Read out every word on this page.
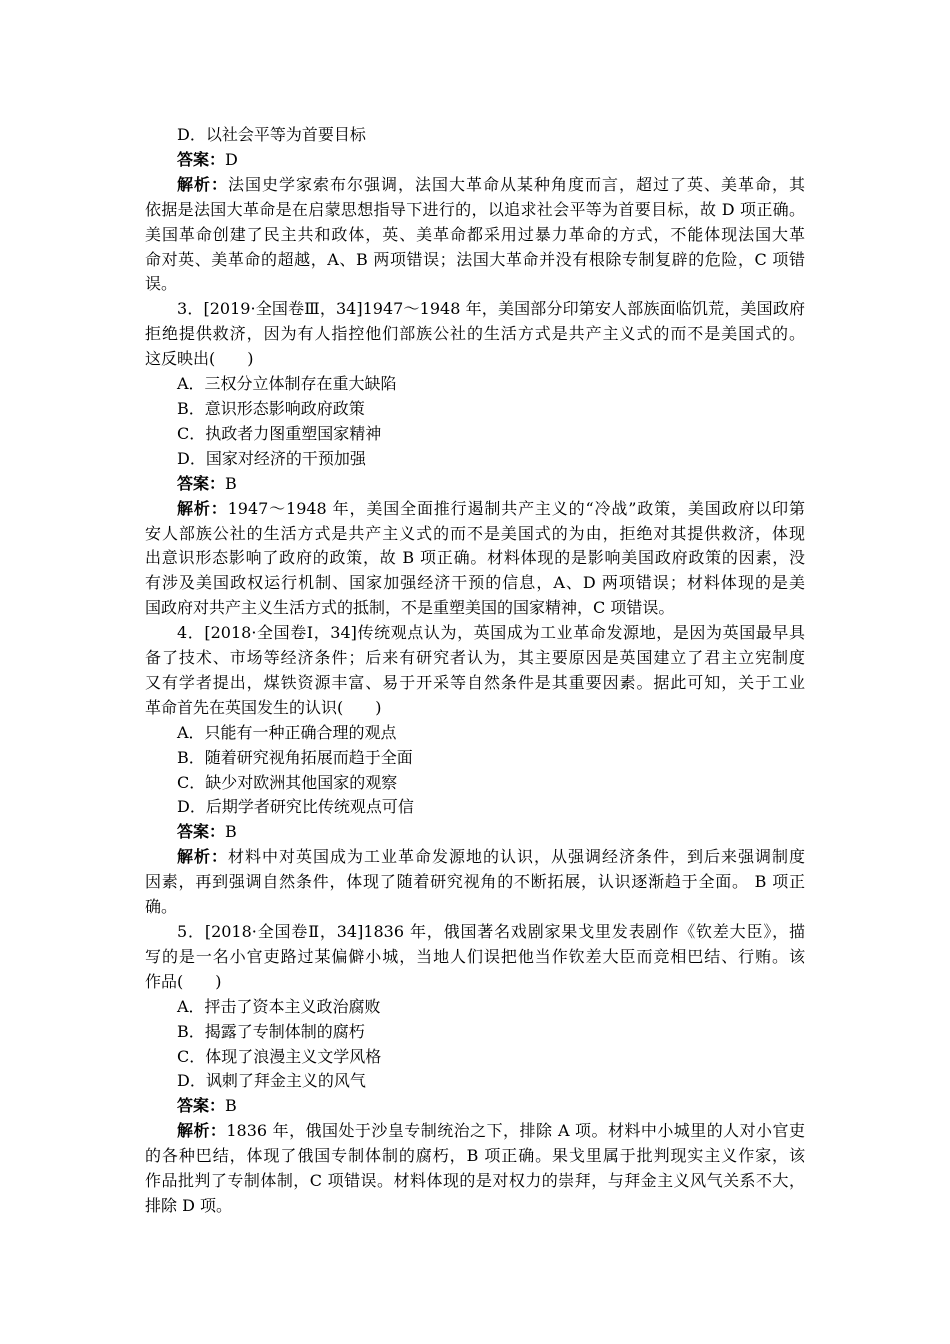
D．以社会平等为首要目标
答案：D
解析：法国史学家索布尔强调，法国大革命从某种角度而言，超过了英、美革命，其
依据是法国大革命是在启蒙思想指导下进行的，以追求社会平等为首要目标，故 D 项正确。
美国革命创建了民主共和政体，英、美革命都采用过暴力革命的方式，不能体现法国大革
命对英、美革命的超越，A、B 两项错误；法国大革命并没有根除专制复辟的危险，C 项错
误。
3．[2019·全国卷Ⅲ，34]1947～1948 年，美国部分印第安人部族面临饥荒，美国政府
拒绝提供救济，因为有人指控他们部族公社的生活方式是共产主义式的而不是美国式的。
这反映出(　　)
A．三权分立体制存在重大缺陷
B．意识形态影响政府政策
C．执政者力图重塑国家精神
D．国家对经济的干预加强
答案：B
解析：1947～1948 年，美国全面推行遏制共产主义的“冷战”政策，美国政府以印第
安人部族公社的生活方式是共产主义式的而不是美国式的为由，拒绝对其提供救济，体现
出意识形态影响了政府的政策，故 B 项正确。材料体现的是影响美国政府政策的因素，没
有涉及美国政权运行机制、国家加强经济干预的信息，A、D 两项错误；材料体现的是美
国政府对共产主义生活方式的抵制，不是重塑美国的国家精神，C 项错误。
4．[2018·全国卷Ⅰ，34]传统观点认为，英国成为工业革命发源地，是因为英国最早具
备了技术、市场等经济条件；后来有研究者认为，其主要原因是英国建立了君主立宪制度
又有学者提出，煤铁资源丰富、易于开采等自然条件是其重要因素。据此可知，关于工业
革命首先在英国发生的认识(　　)
A．只能有一种正确合理的观点
B．随着研究视角拓展而趋于全面
C．缺少对欧洲其他国家的观察
D．后期学者研究比传统观点可信
答案：B
解析：材料中对英国成为工业革命发源地的认识，从强调经济条件，到后来强调制度
因素，再到强调自然条件，体现了随着研究视角的不断拓展，认识逐渐趋于全面。 B 项正
确。
5．[2018·全国卷Ⅱ，34]1836 年，俄国著名戏剧家果戈里发表剧作《钦差大臣》，描
写的是一名小官吏路过某偏僻小城，当地人们误把他当作钦差大臣而竞相巴结、行贿。该
作品(　　)
A．抨击了资本主义政治腐败
B．揭露了专制体制的腐朽
C．体现了浪漫主义文学风格
D．讽刺了拜金主义的风气
答案：B
解析：1836 年，俄国处于沙皇专制统治之下，排除 A 项。材料中小城里的人对小官吏
的各种巴结，体现了俄国专制体制的腐朽，B 项正确。果戈里属于批判现实主义作家，该
作品批判了专制体制，C 项错误。材料体现的是对权力的崇拜，与拜金主义风气关系不大，
排除 D 项。
